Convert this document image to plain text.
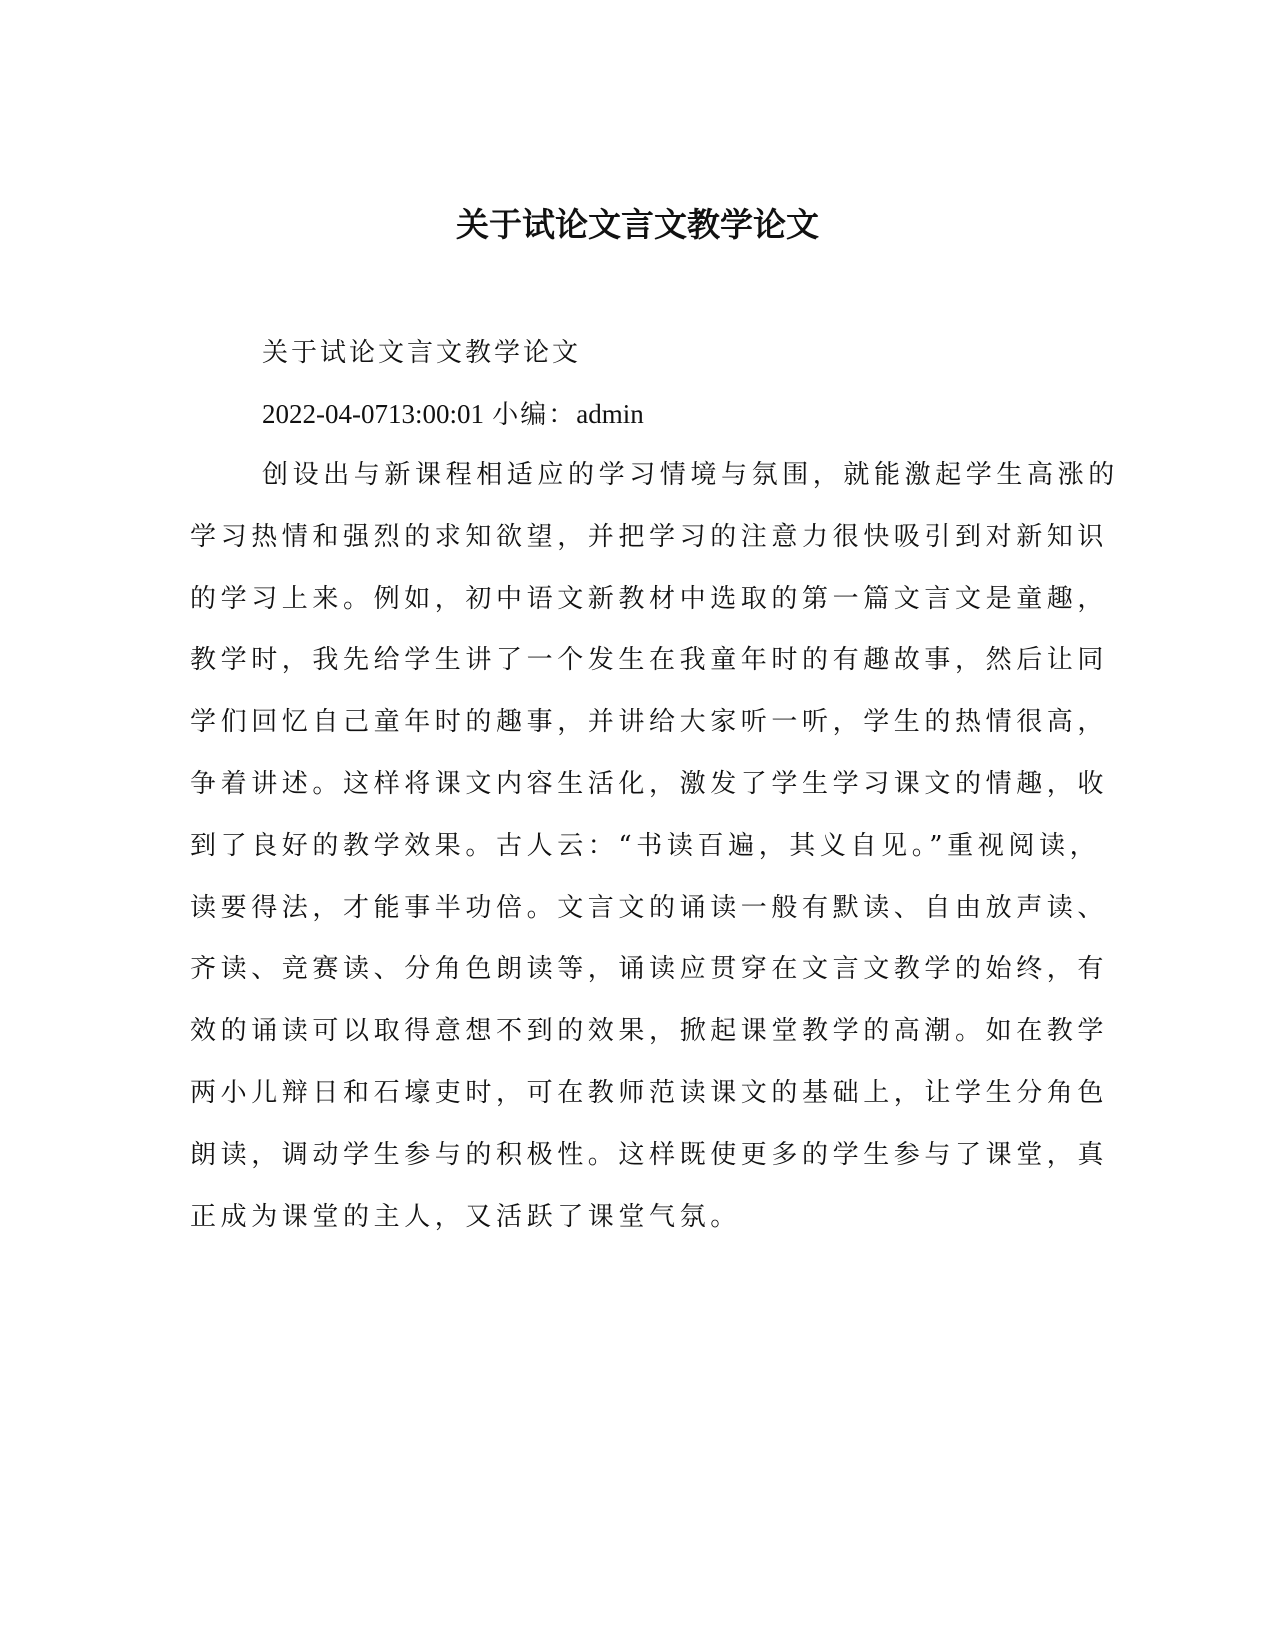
关于试论文言文教学论文

关于试论文言文教学论文

2022-04-0713:00:01 小编：admin

创设出与新课程相适应的学习情境与氛围，就能激起学生高涨的
学习热情和强烈的求知欲望，并把学习的注意力很快吸引到对新知识
的学习上来。例如，初中语文新教材中选取的第一篇文言文是童趣，
教学时，我先给学生讲了一个发生在我童年时的有趣故事，然后让同
学们回忆自己童年时的趣事，并讲给大家听一听，学生的热情很高，
争着讲述。这样将课文内容生活化，激发了学生学习课文的情趣，收
到了良好的教学效果。古人云：“书读百遍，其义自见。”重视阅读，
读要得法，才能事半功倍。文言文的诵读一般有默读、自由放声读、
齐读、竞赛读、分角色朗读等，诵读应贯穿在文言文教学的始终，有
效的诵读可以取得意想不到的效果，掀起课堂教学的高潮。如在教学
两小儿辩日和石壕吏时，可在教师范读课文的基础上，让学生分角色
朗读，调动学生参与的积极性。这样既使更多的学生参与了课堂，真
正成为课堂的主人，又活跃了课堂气氛。
